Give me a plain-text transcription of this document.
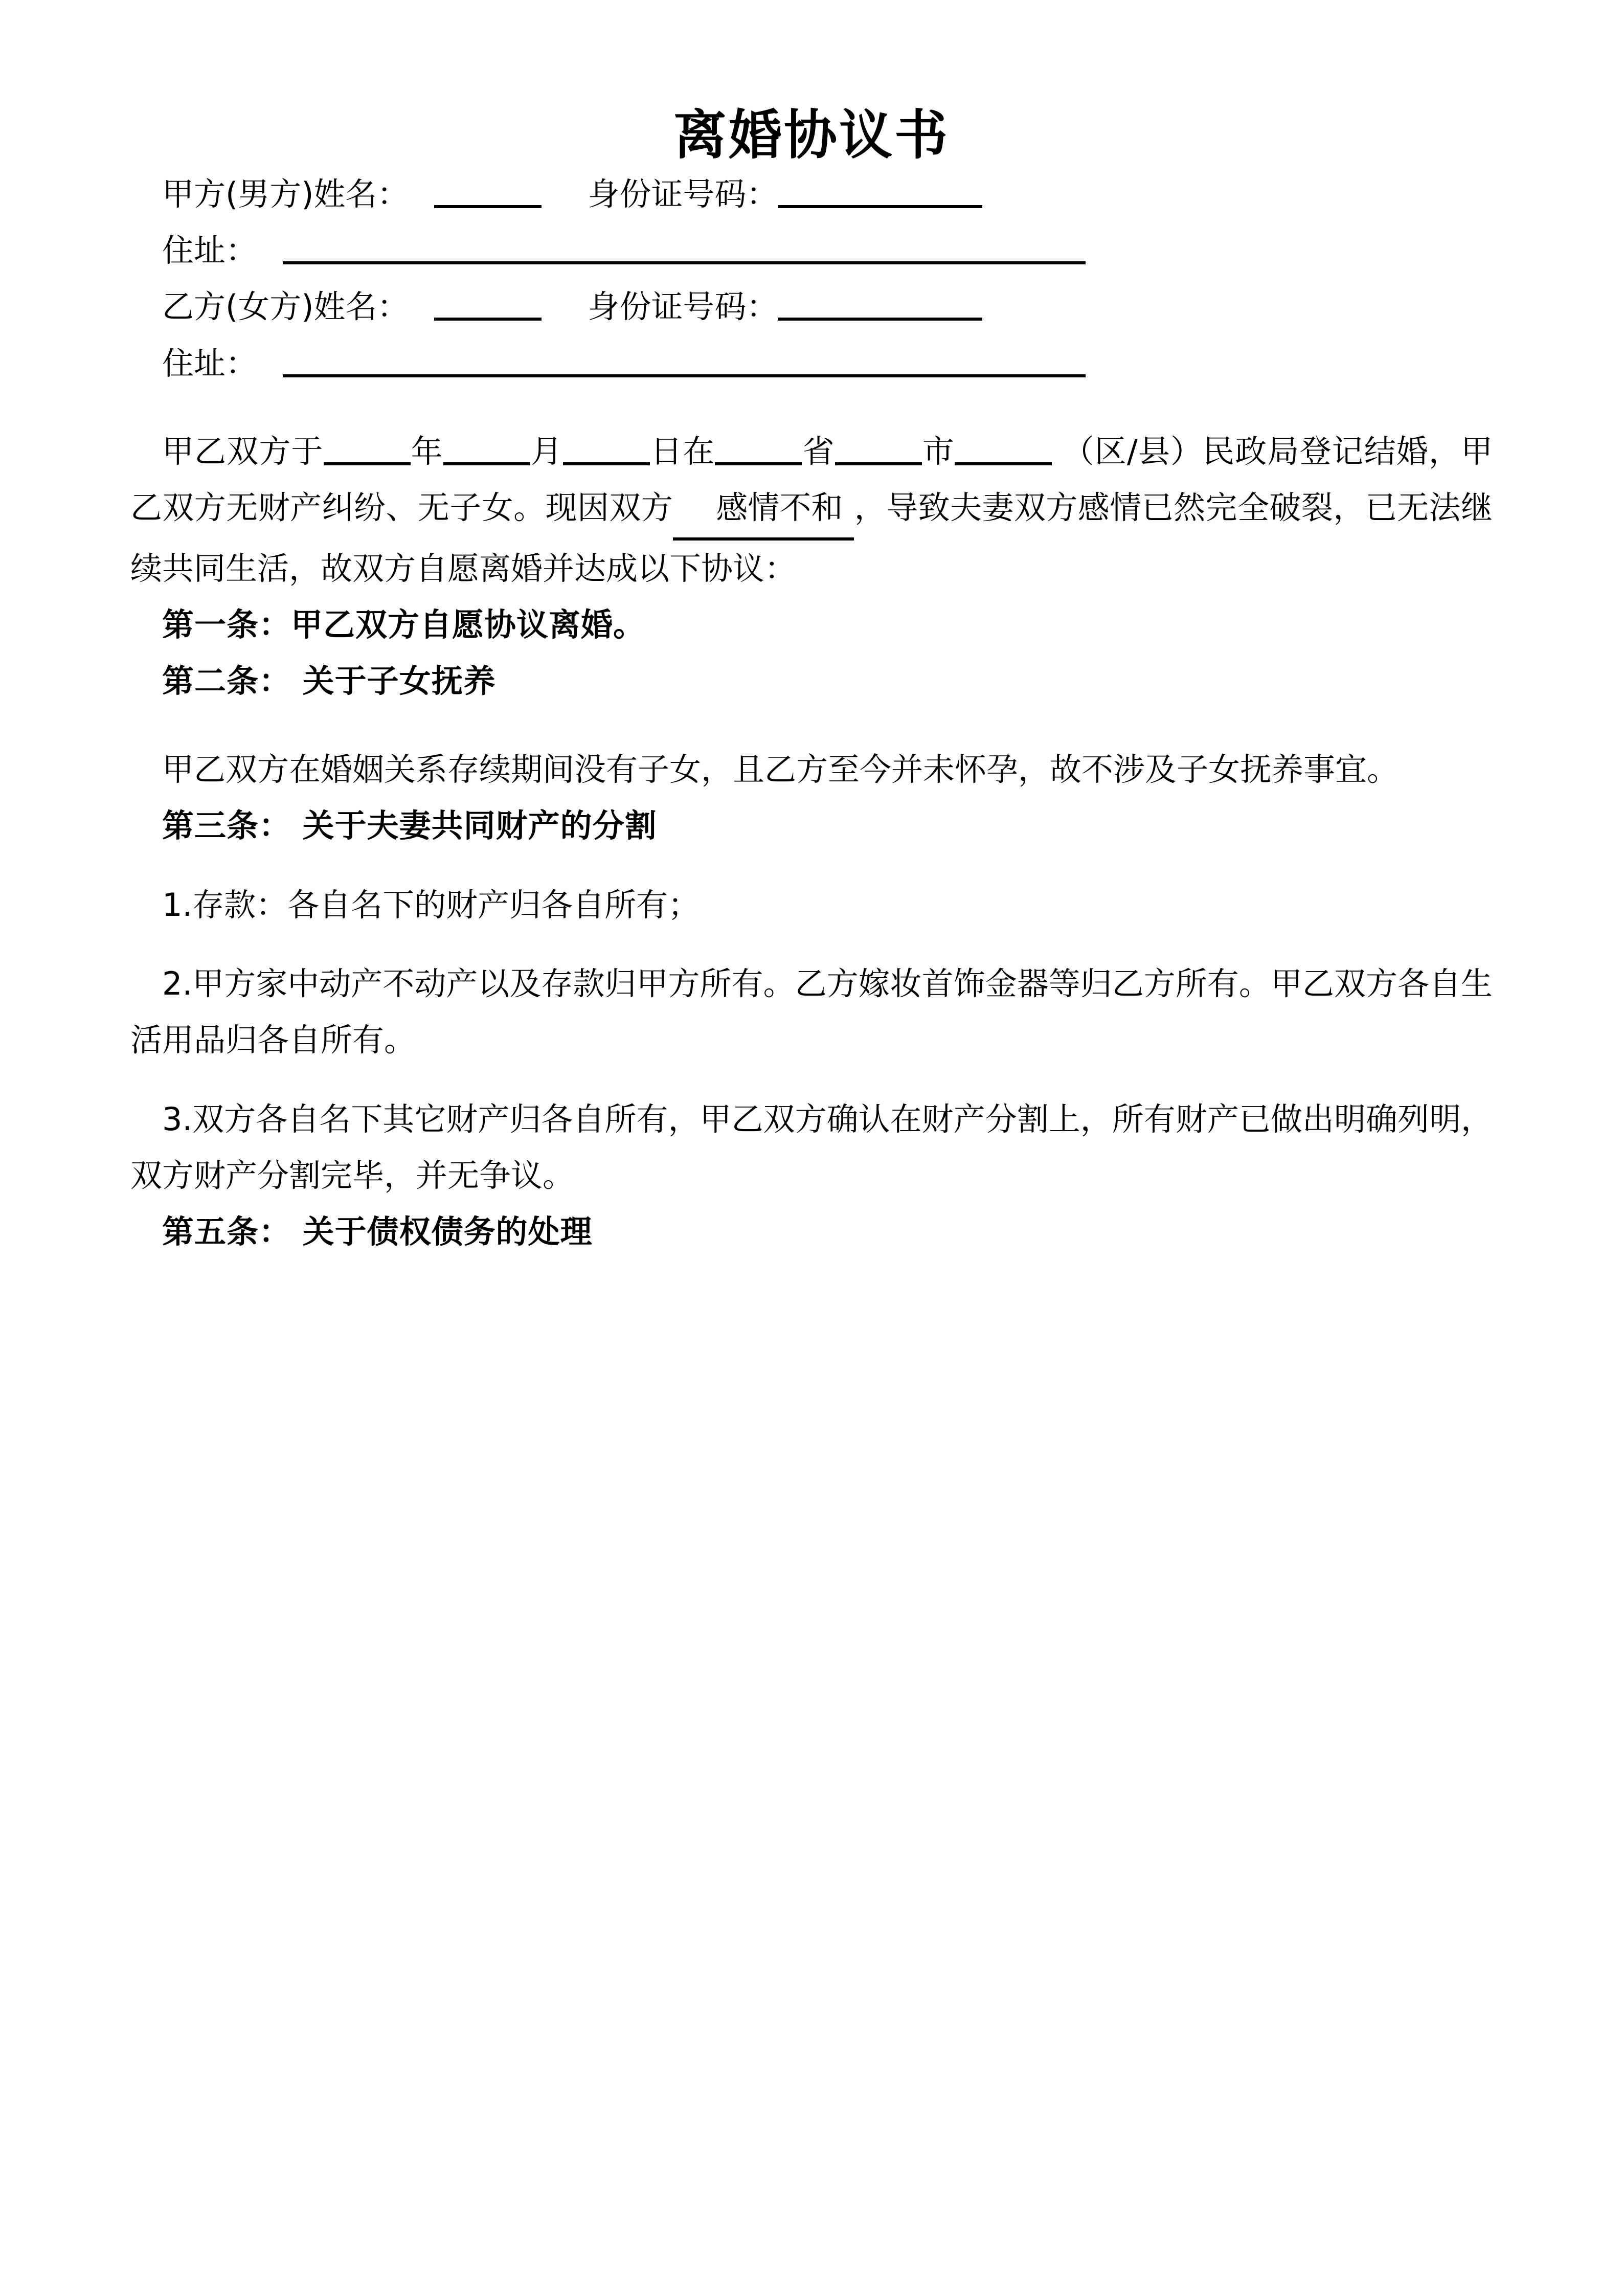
离婚协议书

甲方(男方)姓名：	身份证号码：

住址：

乙方(女方)姓名：	身份证号码：

住址：

甲乙双方于	年	月	日在	省	市	（区/县）民政局登记结婚，甲乙双方无财产纠纷、无子女。现因双方 感情不和 ，导致夫妻双方感情已然完全破裂，已无法继续共同生活，故双方自愿离婚并达成以下协议：

第一条：甲乙双方自愿协议离婚。

第二条： 关于子女抚养

甲乙双方在婚姻关系存续期间没有子女，且乙方至今并未怀孕，故不涉及子女抚养事宜。

第三条： 关于夫妻共同财产的分割

1.存款：各自名下的财产归各自所有；

2.甲方家中动产不动产以及存款归甲方所有。乙方嫁妆首饰金器等归乙方所有。甲乙双方各自生活用品归各自所有。

3.双方各自名下其它财产归各自所有，甲乙双方确认在财产分割上，所有财产已做出明确列明，双方财产分割完毕，并无争议。

第五条： 关于债权债务的处理
